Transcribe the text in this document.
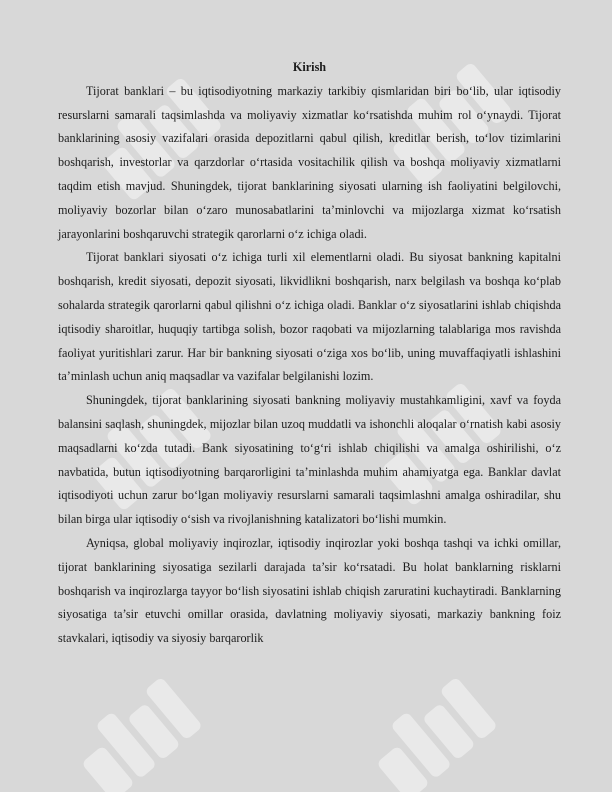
Kirish

Tijorat banklari – bu iqtisodiyotning markaziy tarkibiy qismlaridan biri bo‘lib, ular iqtisodiy resurslarni samarali taqsimlashda va moliyaviy xizmatlar ko‘rsatishda muhim rol o‘ynaydi. Tijorat banklarining asosiy vazifalari orasida depozitlarni qabul qilish, kreditlar berish, to‘lov tizimlarini boshqarish, investorlar va qarzdorlar o‘rtasida vositachilik qilish va boshqa moliyaviy xizmatlarni taqdim etish mavjud. Shuningdek, tijorat banklarining siyosati ularning ish faoliyatini belgilovchi, moliyaviy bozorlar bilan o‘zaro munosabatlarini ta’minlovchi va mijozlarga xizmat ko‘rsatish jarayonlarini boshqaruvchi strategik qarorlarni o‘z ichiga oladi.

Tijorat banklari siyosati o‘z ichiga turli xil elementlarni oladi. Bu siyosat bankning kapitalni boshqarish, kredit siyosati, depozit siyosati, likvidlikni boshqarish, narx belgilash va boshqa ko‘plab sohalarda strategik qarorlarni qabul qilishni o‘z ichiga oladi. Banklar o‘z siyosatlarini ishlab chiqishda iqtisodiy sharoitlar, huquqiy tartibga solish, bozor raqobati va mijozlarning talablariga mos ravishda faoliyat yuritishlari zarur. Har bir bankning siyosati o‘ziga xos bo‘lib, uning muvaffaqiyatli ishlashini ta’minlash uchun aniq maqsadlar va vazifalar belgilanishi lozim.

Shuningdek, tijorat banklarining siyosati bankning moliyaviy mustahkamligini, xavf va foyda balansini saqlash, shuningdek, mijozlar bilan uzoq muddatli va ishonchli aloqalar o‘rnatish kabi asosiy maqsadlarni ko‘zda tutadi. Bank siyosatining to‘g‘ri ishlab chiqilishi va amalga oshirilishi, o‘z navbatida, butun iqtisodiyotning barqarorligini ta’minlashda muhim ahamiyatga ega. Banklar davlat iqtisodiyoti uchun zarur bo‘lgan moliyaviy resurslarni samarali taqsimlashni amalga oshiradilar, shu bilan birga ular iqtisodiy o‘sish va rivojlanishning katalizatori bo‘lishi mumkin.

Ayniqsa, global moliyaviy inqirozlar, iqtisodiy inqirozlar yoki boshqa tashqi va ichki omillar, tijorat banklarining siyosatiga sezilarli darajada ta’sir ko‘rsatadi. Bu holat banklarning risklarni boshqarish va inqirozlarga tayyor bo‘lish siyosatini ishlab chiqish zaruratini kuchaytiradi. Banklarning siyosatiga ta’sir etuvchi omillar orasida, davlatning moliyaviy siyosati, markaziy bankning foiz stavkalari, iqtisodiy va siyosiy barqarorlik
